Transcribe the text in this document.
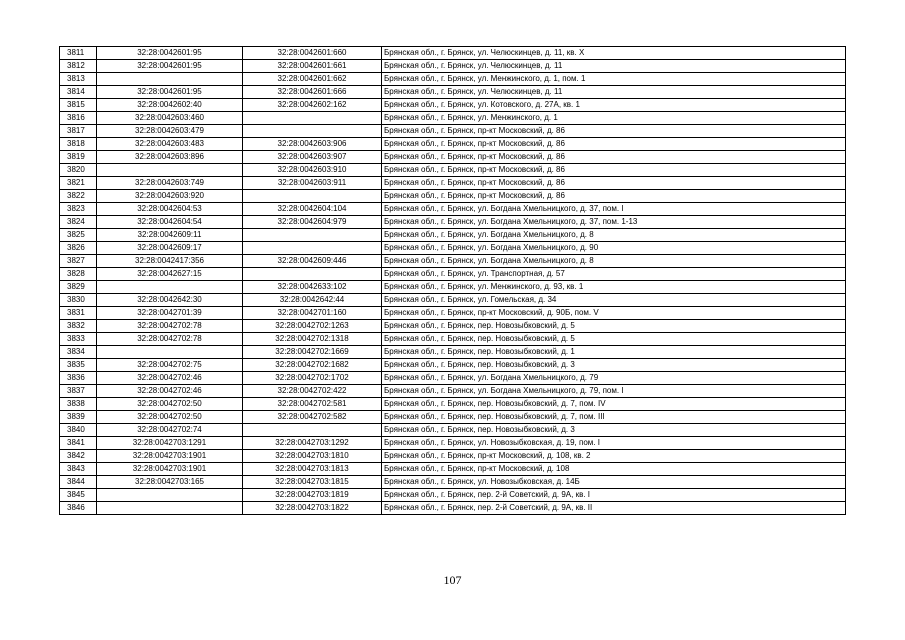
3811	32:28:0042601:95	32:28:0042601:660	Брянская обл., г. Брянск, ул. Челюскинцев, д. 11, кв. X
3812	32:28:0042601:95	32:28:0042601:661	Брянская обл., г. Брянск, ул. Челюскинцев, д. 11
3813		32:28:0042601:662	Брянская обл., г. Брянск, ул. Менжинского, д. 1, пом. 1
3814	32:28:0042601:95	32:28:0042601:666	Брянская обл., г. Брянск, ул. Челюскинцев, д. 11
3815	32:28:0042602:40	32:28:0042602:162	Брянская обл., г. Брянск, ул. Котовского, д. 27А, кв. 1
3816	32:28:0042603:460		Брянская обл., г. Брянск, ул. Менжинского, д. 1
3817	32:28:0042603:479		Брянская обл., г. Брянск, пр-кт Московский, д. 86
3818	32:28:0042603:483	32:28:0042603:906	Брянская обл., г. Брянск, пр-кт Московский, д. 86
3819	32:28:0042603:896	32:28:0042603:907	Брянская обл., г. Брянск, пр-кт Московский, д. 86
3820		32:28:0042603:910	Брянская обл., г. Брянск, пр-кт Московский, д. 86
3821	32:28:0042603:749	32:28:0042603:911	Брянская обл., г. Брянск, пр-кт Московский, д. 86
3822	32:28:0042603:920		Брянская обл., г. Брянск, пр-кт Московский, д. 86
3823	32:28:0042604:53	32:28:0042604:104	Брянская обл., г. Брянск, ул. Богдана Хмельницкого, д. 37, пом. I
3824	32:28:0042604:54	32:28:0042604:979	Брянская обл., г. Брянск, ул. Богдана Хмельницкого, д. 37, пом. 1-13
3825	32:28:0042609:11		Брянская обл., г. Брянск, ул. Богдана Хмельницкого, д. 8
3826	32:28:0042609:17		Брянская обл., г. Брянск, ул. Богдана Хмельницкого, д. 90
3827	32:28:0042417:356	32:28:0042609:446	Брянская обл., г. Брянск, ул. Богдана Хмельницкого, д. 8
3828	32:28:0042627:15		Брянская обл., г. Брянск, ул. Транспортная, д. 57
3829		32:28:0042633:102	Брянская обл., г. Брянск, ул. Менжинского, д. 93, кв. 1
3830	32:28:0042642:30	32:28:0042642:44	Брянская обл., г. Брянск, ул. Гомельская, д. 34
3831	32:28:0042701:39	32:28:0042701:160	Брянская обл., г. Брянск, пр-кт Московский, д. 90Б, пом. V
3832	32:28:0042702:78	32:28:0042702:1263	Брянская обл., г. Брянск, пер. Новозыбковский, д. 5
3833	32:28:0042702:78	32:28:0042702:1318	Брянская обл., г. Брянск, пер. Новозыбковский, д. 5
3834		32:28:0042702:1669	Брянская обл., г. Брянск, пер. Новозыбковский, д. 1
3835	32:28:0042702:75	32:28:0042702:1682	Брянская обл., г. Брянск, пер. Новозыбковский, д. 3
3836	32:28:0042702:46	32:28:0042702:1702	Брянская обл., г. Брянск, ул. Богдана Хмельницкого, д. 79
3837	32:28:0042702:46	32:28:0042702:422	Брянская обл., г. Брянск, ул. Богдана Хмельницкого, д. 79, пом. I
3838	32:28:0042702:50	32:28:0042702:581	Брянская обл., г. Брянск, пер. Новозыбковский, д. 7, пом. IV
3839	32:28:0042702:50	32:28:0042702:582	Брянская обл., г. Брянск, пер. Новозыбковский, д. 7, пом. III
3840	32:28:0042702:74		Брянская обл., г. Брянск, пер. Новозыбковский, д. 3
3841	32:28:0042703:1291	32:28:0042703:1292	Брянская обл., г. Брянск, ул. Новозыбковская, д. 19, пом. I
3842	32:28:0042703:1901	32:28:0042703:1810	Брянская обл., г. Брянск, пр-кт Московский, д. 108, кв. 2
3843	32:28:0042703:1901	32:28:0042703:1813	Брянская обл., г. Брянск, пр-кт Московский, д. 108
3844	32:28:0042703:165	32:28:0042703:1815	Брянская обл., г. Брянск, ул. Новозыбковская, д. 14Б
3845		32:28:0042703:1819	Брянская обл., г. Брянск, пер. 2-й Советский, д. 9А, кв. I
3846		32:28:0042703:1822	Брянская обл., г. Брянск, пер. 2-й Советский, д. 9А, кв. II
107
